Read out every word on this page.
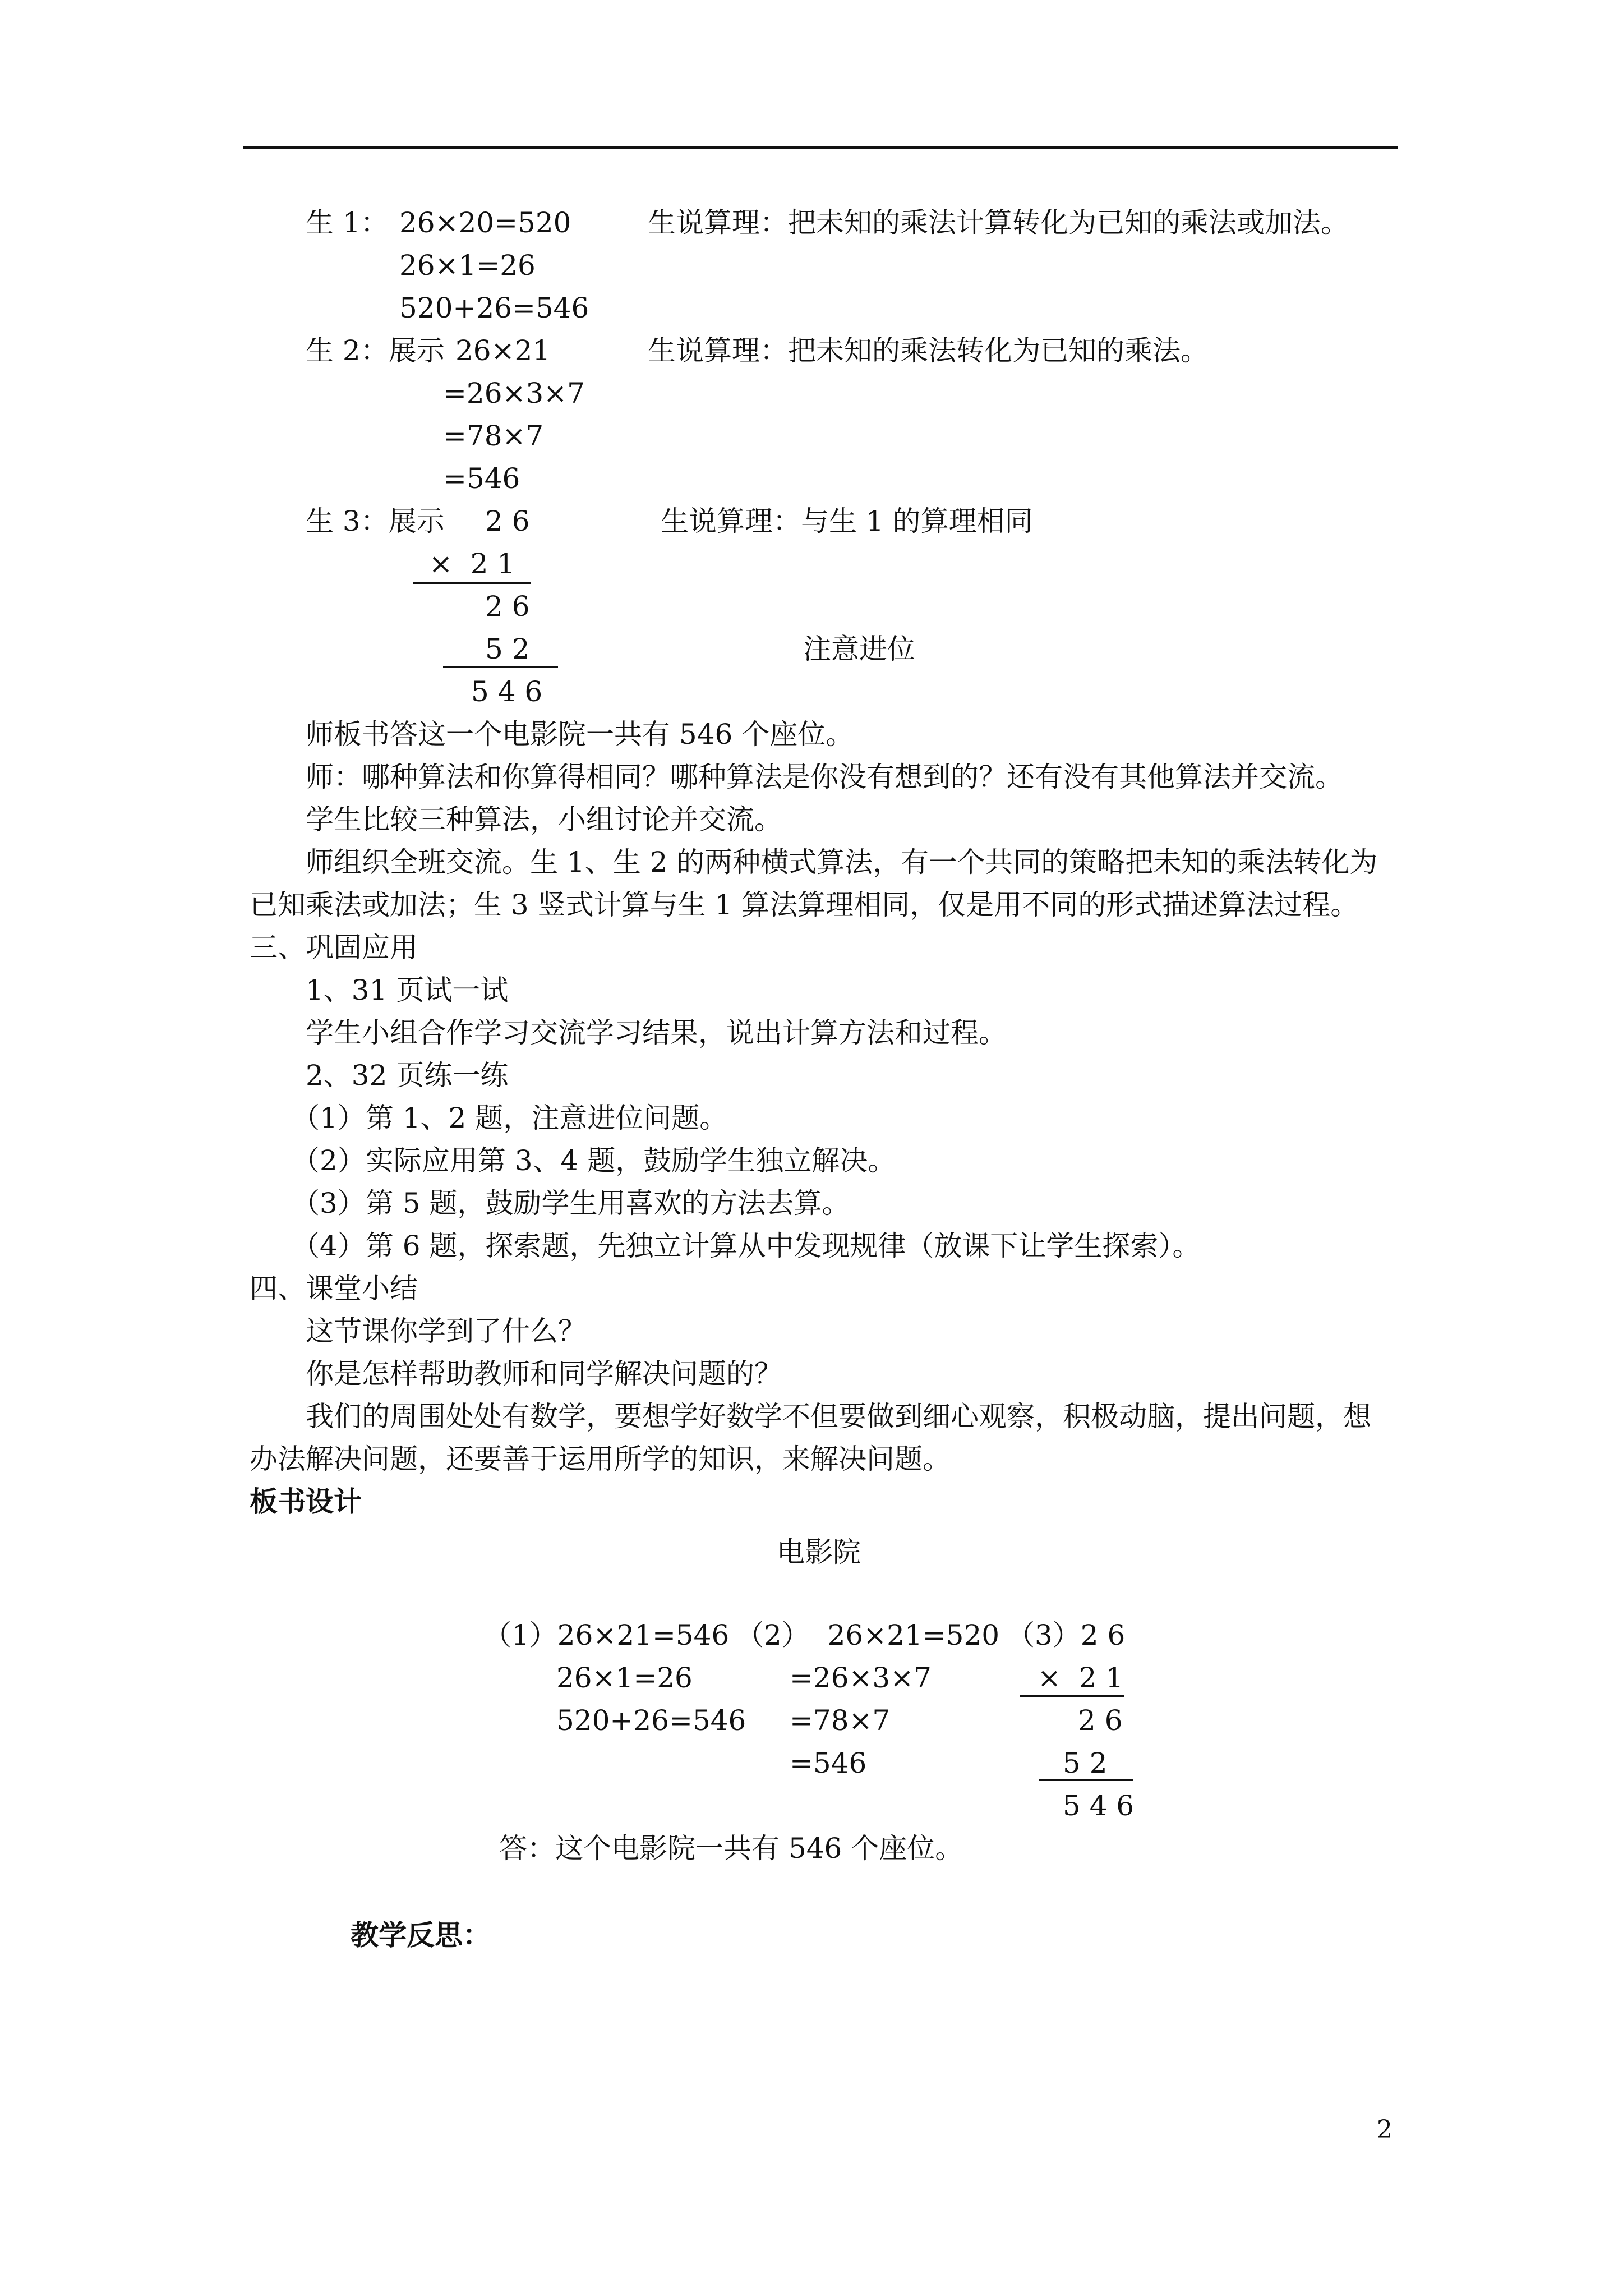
生 1： 26×20=520	生说算理：把未知的乘法计算转化为已知的乘法或加法。
26×1=26
520+26=546
生 2：展示 26×21	生说算理：把未知的乘法转化为已知的乘法。
=26×3×7
=78×7
=546
生 3：展示 2 6	生说算理：与生 1 的算理相同
×  2 1
2 6
5 2	注意进位
5 4 6
师板书答这一个电影院一共有 546 个座位。
师：哪种算法和你算得相同？哪种算法是你没有想到的？还有没有其他算法并交流。
学生比较三种算法，小组讨论并交流。
师组织全班交流。生 1、生 2 的两种横式算法，有一个共同的策略把未知的乘法转化为
已知乘法或加法；生 3 竖式计算与生 1 算法算理相同，仅是用不同的形式描述算法过程。
三、巩固应用
1、31 页试一试
学生小组合作学习交流学习结果，说出计算方法和过程。
2、32 页练一练
（1）第 1、2 题，注意进位问题。
（2）实际应用第 3、4 题，鼓励学生独立解决。
（3）第 5 题，鼓励学生用喜欢的方法去算。
（4）第 6 题，探索题，先独立计算从中发现规律（放课下让学生探索）。
四、课堂小结
这节课你学到了什么？
你是怎样帮助教师和同学解决问题的？
我们的周围处处有数学，要想学好数学不但要做到细心观察，积极动脑，提出问题，想
办法解决问题，还要善于运用所学的知识，来解决问题。
板书设计
电影院
（1）26×21=546
26×1=26
520+26=546
（2）  26×21=520
=26×3×7
=78×7
=546
（3）2 6
×  2 1
2 6
5 2
5 4 6
答：这个电影院一共有 546 个座位。
教学反思：
2
